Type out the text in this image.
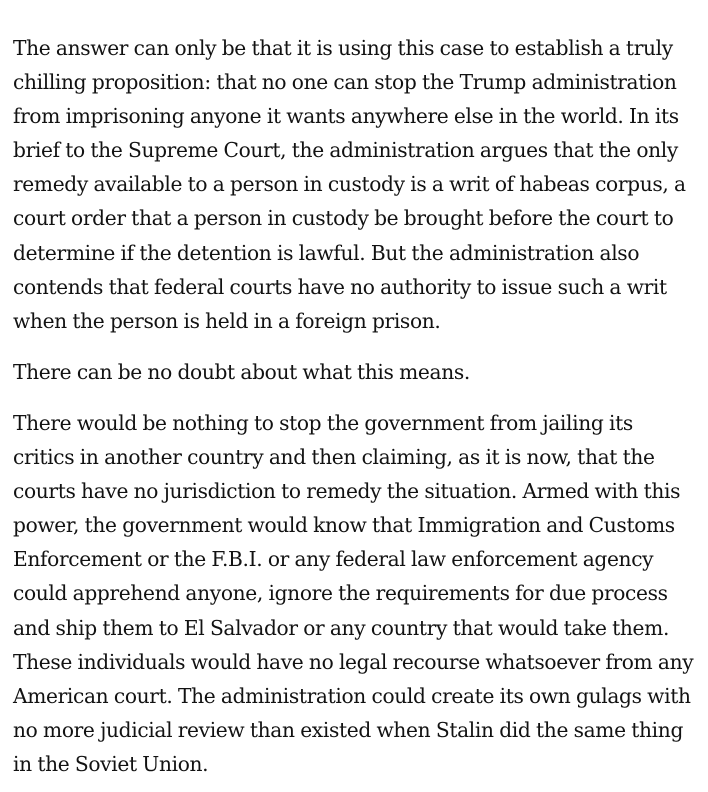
The answer can only be that it is using this case to establish a truly chilling proposition: that no one can stop the Trump administration from imprisoning anyone it wants anywhere else in the world. In its brief to the Supreme Court, the administration argues that the only remedy available to a person in custody is a writ of habeas corpus, a court order that a person in custody be brought before the court to determine if the detention is lawful. But the administration also contends that federal courts have no authority to issue such a writ when the person is held in a foreign prison.

There can be no doubt about what this means.

There would be nothing to stop the government from jailing its critics in another country and then claiming, as it is now, that the courts have no jurisdiction to remedy the situation. Armed with this power, the government would know that Immigration and Customs Enforcement or the F.B.I. or any federal law enforcement agency could apprehend anyone, ignore the requirements for due process and ship them to El Salvador or any country that would take them. These individuals would have no legal recourse whatsoever from any American court. The administration could create its own gulags with no more judicial review than existed when Stalin did the same thing in the Soviet Union.
